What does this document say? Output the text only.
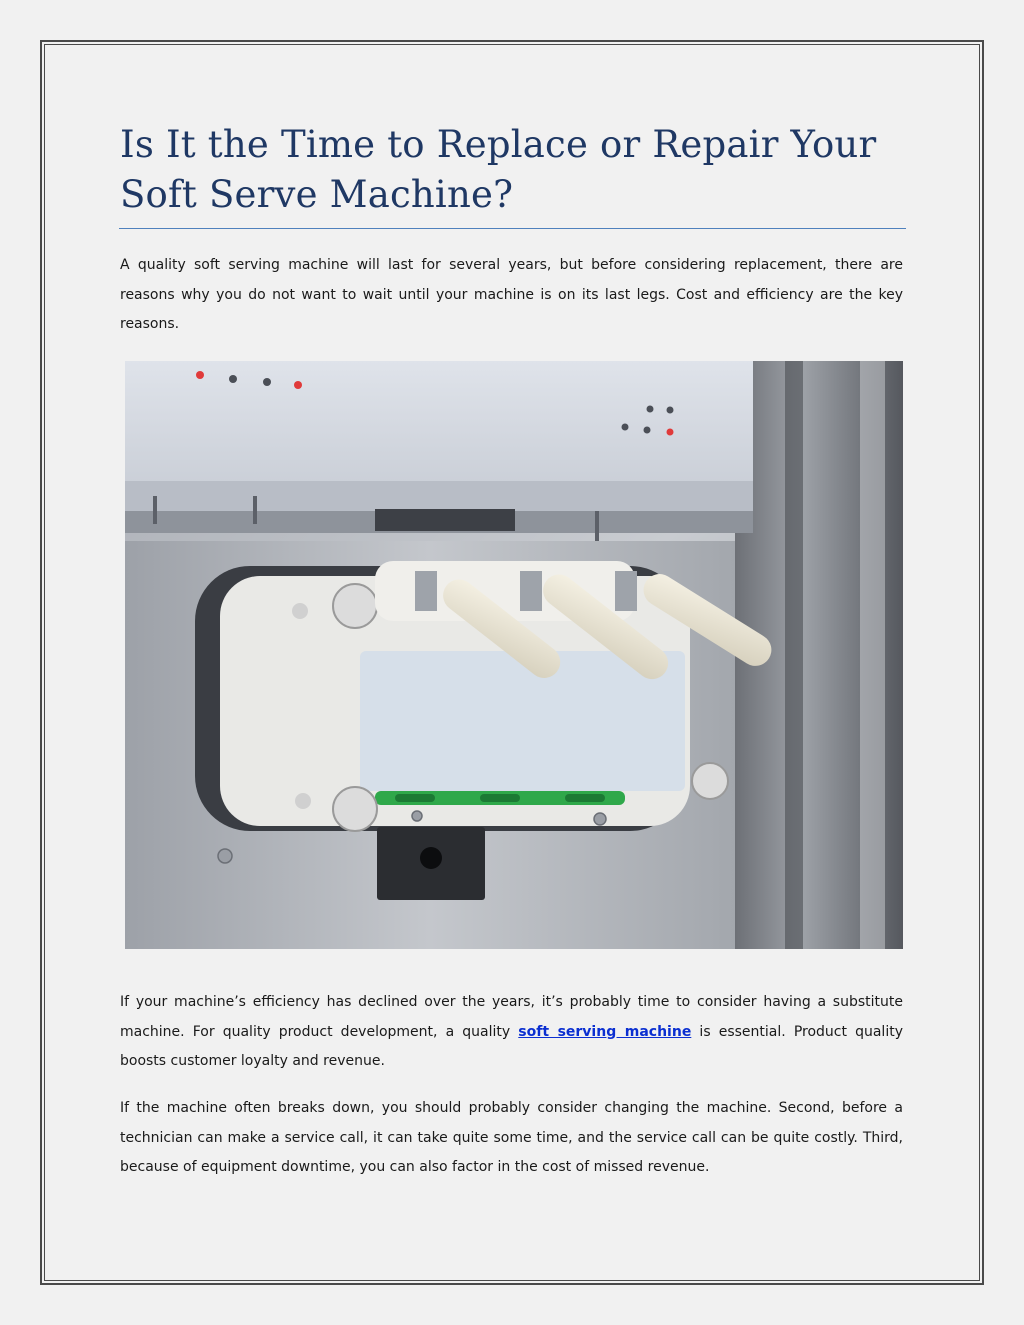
Is It the Time to Replace or Repair Your Soft Serve Machine?

A quality soft serving machine will last for several years, but before considering replacement, there are reasons why you do not want to wait until your machine is on its last legs. Cost and efficiency are the key reasons.

If your machine’s efficiency has declined over the years, it’s probably time to consider having a substitute machine. For quality product development, a quality soft serving machine is essential. Product quality boosts customer loyalty and revenue.

If the machine often breaks down, you should probably consider changing the machine. Second, before a technician can make a service call, it can take quite some time, and the service call can be quite costly. Third, because of equipment downtime, you can also factor in the cost of missed revenue.
